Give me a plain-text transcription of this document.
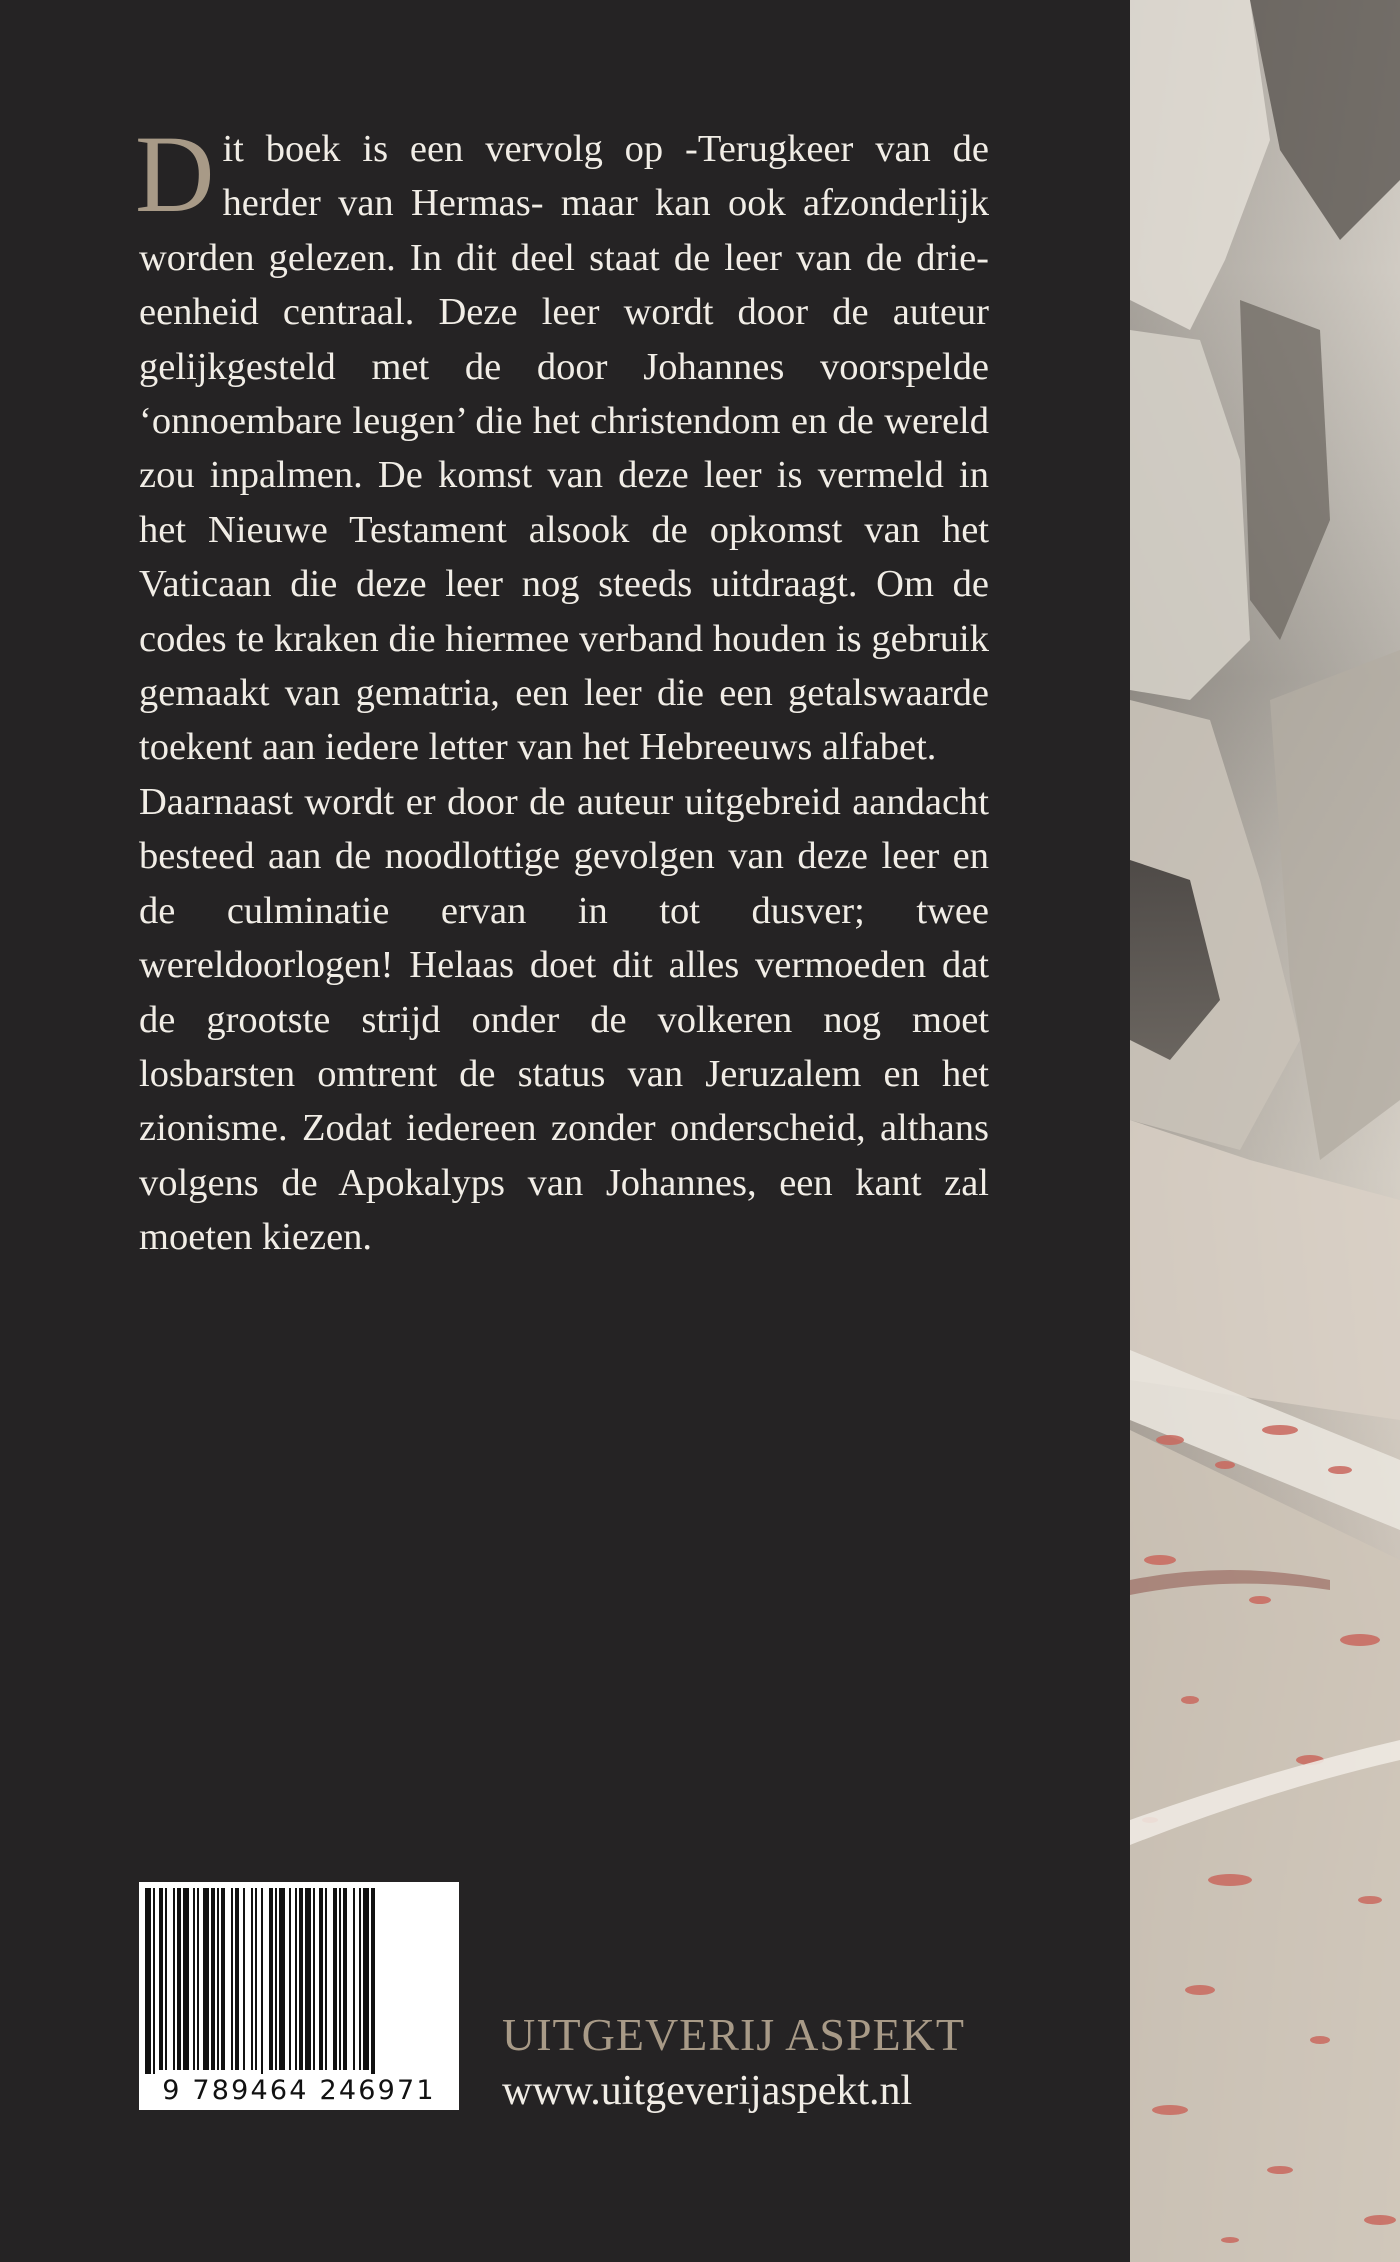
Dit boek is een vervolg op -Terugkeer van de herder van Hermas- maar kan ook afzonderlijk worden gelezen. In dit deel staat de leer van de drie-eenheid centraal. Deze leer wordt door de auteur gelijkgesteld met de door Johannes voorspelde ‘onnoembare leugen’ die het christendom en de wereld zou inpalmen. De komst van deze leer is vermeld in het Nieuwe Testament alsook de opkomst van het Vaticaan die deze leer nog steeds uitdraagt. Om de codes te kraken die hiermee verband houden is gebruik gemaakt van gematria, een leer die een getalswaarde toekent aan iedere letter van het Hebreeuws alfabet.

Daarnaast wordt er door de auteur uitgebreid aandacht besteed aan de noodlottige gevolgen van deze leer en de culminatie ervan in tot dusver; twee wereldoorlogen! Helaas doet dit alles vermoeden dat de grootste strijd onder de volkeren nog moet losbarsten omtrent de status van Jeruzalem en het zionisme. Zodat iedereen zonder onderscheid, althans volgens de Apokalyps van Johannes, een kant zal moeten kiezen.

9 789464 246971
UITGEVERIJ ASPEKT
www.uitgeverijaspekt.nl
